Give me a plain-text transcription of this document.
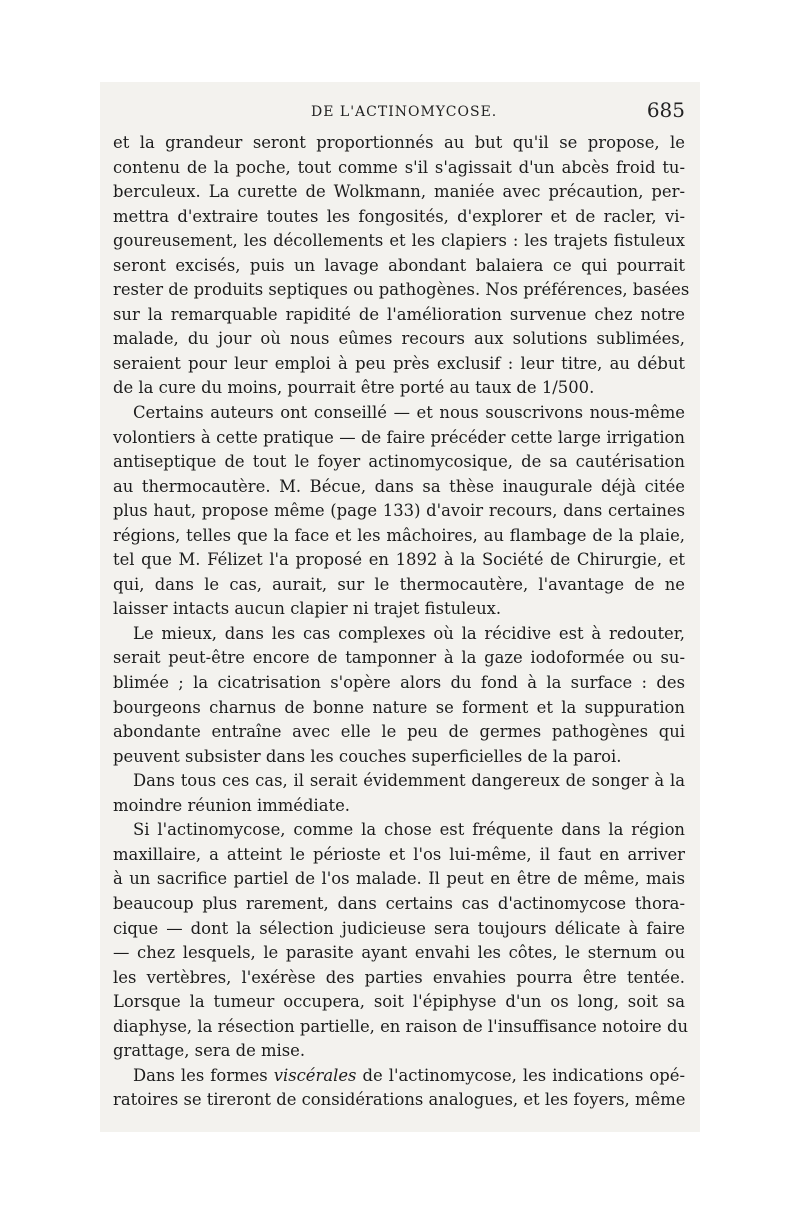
DE L'ACTINOMYCOSE.	685
et la grandeur seront proportionnés au but qu'il se propose, le
contenu de la poche, tout comme s'il s'agissait d'un abcès froid tu-
berculeux. La curette de Wolkmann, maniée avec précaution, per-
mettra d'extraire toutes les fongosités, d'explorer et de racler, vi-
goureusement, les décollements et les clapiers : les trajets fistuleux
seront excisés, puis un lavage abondant balaiera ce qui pourrait
rester de produits septiques ou pathogènes. Nos préférences, basées
sur la remarquable rapidité de l'amélioration survenue chez notre
malade, du jour où nous eûmes recours aux solutions sublimées,
seraient pour leur emploi à peu près exclusif : leur titre, au début
de la cure du moins, pourrait être porté au taux de 1/500.
Certains auteurs ont conseillé — et nous souscrivons nous-même
volontiers à cette pratique — de faire précéder cette large irrigation
antiseptique de tout le foyer actinomycosique, de sa cautérisation
au thermocautère. M. Bécue, dans sa thèse inaugurale déjà citée
plus haut, propose même (page 133) d'avoir recours, dans certaines
régions, telles que la face et les mâchoires, au flambage de la plaie,
tel que M. Félizet l'a proposé en 1892 à la Société de Chirurgie, et
qui, dans le cas, aurait, sur le thermocautère, l'avantage de ne
laisser intacts aucun clapier ni trajet fistuleux.
Le mieux, dans les cas complexes où la récidive est à redouter,
serait peut-être encore de tamponner à la gaze iodoformée ou su-
blimée ; la cicatrisation s'opère alors du fond à la surface : des
bourgeons charnus de bonne nature se forment et la suppuration
abondante entraîne avec elle le peu de germes pathogènes qui
peuvent subsister dans les couches superficielles de la paroi.
Dans tous ces cas, il serait évidemment dangereux de songer à la
moindre réunion immédiate.
Si l'actinomycose, comme la chose est fréquente dans la région
maxillaire, a atteint le périoste et l'os lui-même, il faut en arriver
à un sacrifice partiel de l'os malade. Il peut en être de même, mais
beaucoup plus rarement, dans certains cas d'actinomycose thora-
cique — dont la sélection judicieuse sera toujours délicate à faire
— chez lesquels, le parasite ayant envahi les côtes, le sternum ou
les vertèbres, l'exérèse des parties envahies pourra être tentée.
Lorsque la tumeur occupera, soit l'épiphyse d'un os long, soit sa
diaphyse, la résection partielle, en raison de l'insuffisance notoire du
grattage, sera de mise.
Dans les formes viscérales de l'actinomycose, les indications opé-
ratoires se tireront de considérations analogues, et les foyers, même
